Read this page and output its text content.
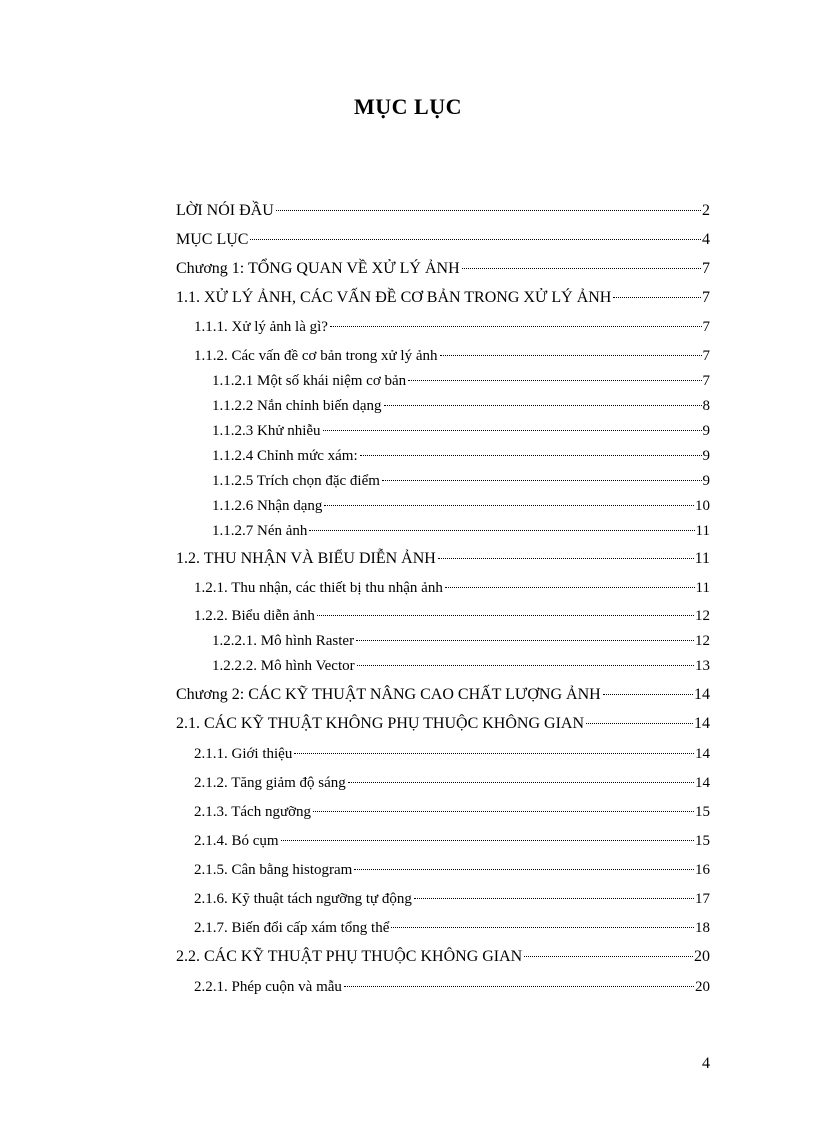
MỤC LỤC
LỜI NÓI ĐẦU	2
MỤC LỤC	4
Chương 1: TỔNG QUAN VỀ XỬ LÝ ẢNH	7
1.1. XỬ LÝ ẢNH, CÁC VẤN ĐỀ CƠ BẢN TRONG XỬ LÝ ẢNH	7
1.1.1. Xử lý ảnh là gì?	7
1.1.2. Các vấn đề cơ bản trong xử lý ảnh	7
1.1.2.1 Một số khái niệm cơ bản	7
1.1.2.2 Nắn chỉnh biến dạng	8
1.1.2.3 Khử nhiễu	9
1.1.2.4 Chỉnh mức xám:	9
1.1.2.5 Trích chọn đặc điểm	9
1.1.2.6 Nhận dạng	10
1.1.2.7 Nén ảnh	11
1.2. THU NHẬN VÀ BIỂU DIỄN ẢNH	11
1.2.1. Thu nhận, các thiết bị thu nhận ảnh	11
1.2.2. Biểu diễn ảnh	12
1.2.2.1. Mô hình Raster	12
1.2.2.2. Mô hình Vector	13
Chương 2: CÁC KỸ THUẬT NÂNG CAO CHẤT LƯỢNG ẢNH	14
2.1. CÁC KỸ THUẬT KHÔNG PHỤ THUỘC KHÔNG GIAN	14
2.1.1. Giới thiệu	14
2.1.2. Tăng giảm độ sáng	14
2.1.3. Tách ngưỡng	15
2.1.4. Bó cụm	15
2.1.5. Cân bằng histogram	16
2.1.6. Kỹ thuật tách ngưỡng tự động	17
2.1.7. Biến đổi cấp xám tổng thể	18
2.2. CÁC KỸ THUẬT PHỤ THUỘC KHÔNG GIAN	20
2.2.1. Phép cuộn và mẫu	20
4
